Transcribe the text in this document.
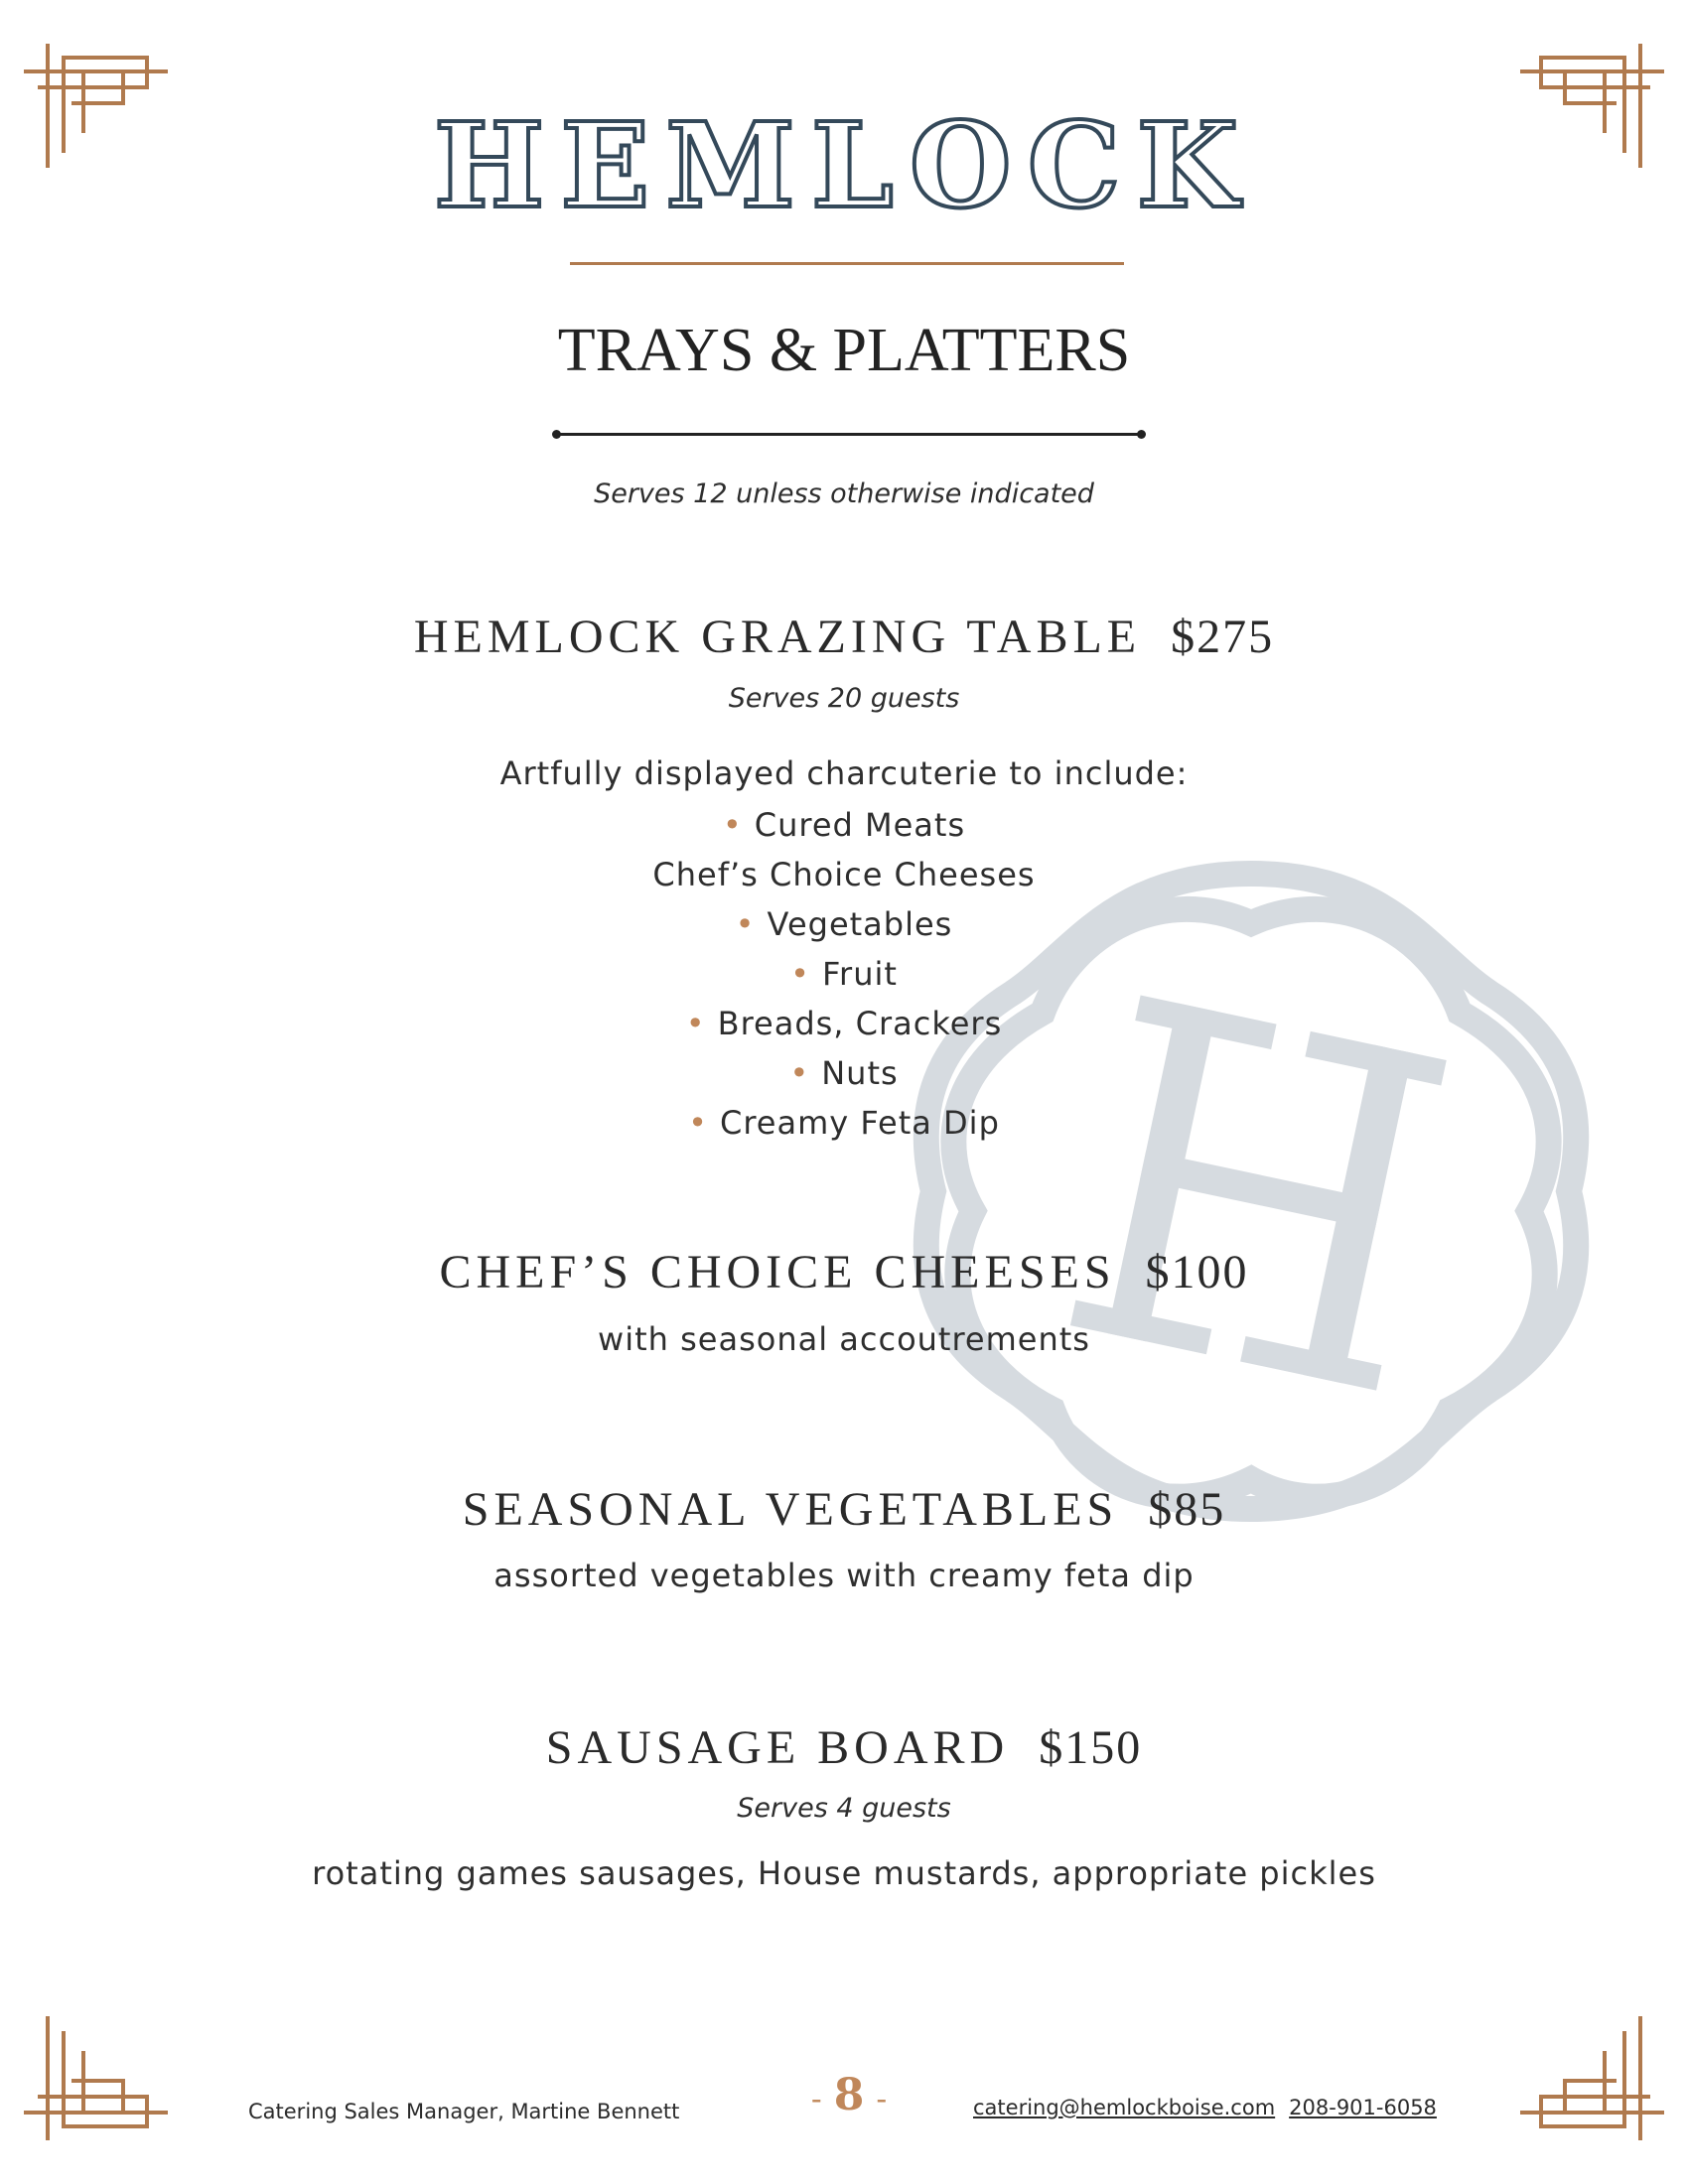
HEMLOCK
TRAYS & PLATTERS
Serves 12 unless otherwise indicated
HEMLOCK GRAZING TABLE $275
Serves 20 guests
Artfully displayed charcuterie to include:
• Cured Meats
Chef’s Choice Cheeses
• Vegetables
• Fruit
• Breads, Crackers
• Nuts
• Creamy Feta Dip
CHEF’S CHOICE CHEESES $100
with seasonal accoutrements
SEASONAL VEGETABLES $85
assorted vegetables with creamy feta dip
SAUSAGE BOARD $150
Serves 4 guests
rotating games sausages, House mustards, appropriate pickles
Catering Sales Manager, Martine Bennett	- 8 -	catering@hemlockboise.com 208-901-6058
